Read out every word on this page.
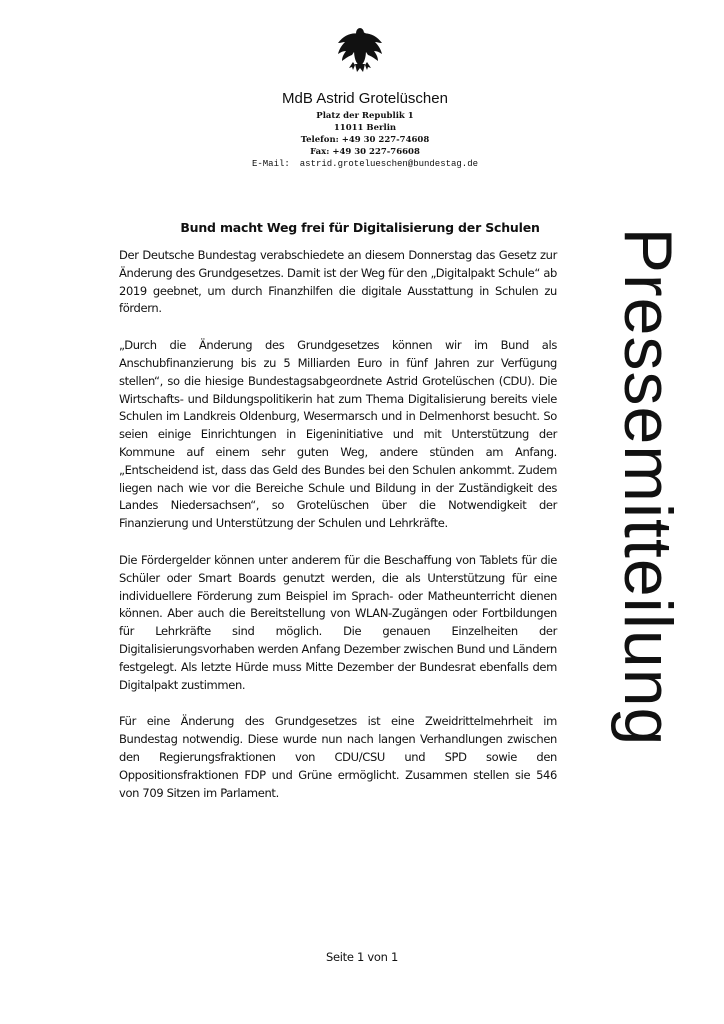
MdB Astrid Grotelüschen
Platz der Republik 1
11011 Berlin
Telefon: +49 30 227-74608
Fax: +49 30 227-76608
E-Mail: astrid.grotelueschen@bundestag.de
Pressemitteilung
Bund macht Weg frei für Digitalisierung der Schulen

Der Deutsche Bundestag verabschiedete an diesem Donnerstag das Gesetz zur Änderung des Grundgesetzes. Damit ist der Weg für den „Digitalpakt Schule“ ab 2019 geebnet, um durch Finanzhilfen die digitale Ausstattung in Schulen zu fördern.

„Durch die Änderung des Grundgesetzes können wir im Bund als Anschubfinanzierung bis zu 5 Milliarden Euro in fünf Jahren zur Verfügung stellen“, so die hiesige Bundestagsabgeordnete Astrid Grotelüschen (CDU). Die Wirtschafts- und Bildungspolitikerin hat zum Thema Digitalisierung bereits viele Schulen im Landkreis Oldenburg, Wesermarsch und in Delmenhorst besucht. So seien einige Einrichtungen in Eigeninitiative und mit Unterstützung der Kommune auf einem sehr guten Weg, andere stünden am Anfang. „Entscheidend ist, dass das Geld des Bundes bei den Schulen ankommt. Zudem liegen nach wie vor die Bereiche Schule und Bildung in der Zuständigkeit des Landes Niedersachsen“, so Grotelüschen über die Notwendigkeit der Finanzierung und Unterstützung der Schulen und Lehrkräfte.

Die Fördergelder können unter anderem für die Beschaffung von Tablets für die Schüler oder Smart Boards genutzt werden, die als Unterstützung für eine individuellere Förderung zum Beispiel im Sprach- oder Matheunterricht dienen können. Aber auch die Bereitstellung von WLAN-Zugängen oder Fortbildungen für Lehrkräfte sind möglich. Die genauen Einzelheiten der Digitalisierungsvorhaben werden Anfang Dezember zwischen Bund und Ländern festgelegt. Als letzte Hürde muss Mitte Dezember der Bundesrat ebenfalls dem Digitalpakt zustimmen.

Für eine Änderung des Grundgesetzes ist eine Zweidrittelmehrheit im Bundestag notwendig. Diese wurde nun nach langen Verhandlungen zwischen den Regierungsfraktionen von CDU/CSU und SPD sowie den Oppositionsfraktionen FDP und Grüne ermöglicht. Zusammen stellen sie 546 von 709 Sitzen im Parlament.

Seite 1 von 1
